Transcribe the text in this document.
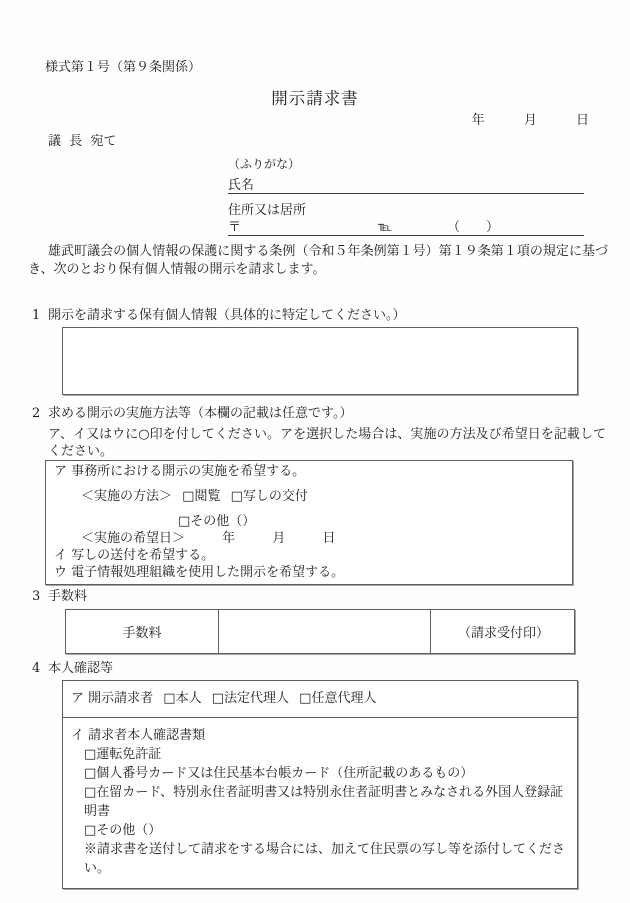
様式第１号（第９条関係）
開示請求書
年	月	日
議  長  宛て
（ふりがな）
氏名
住所又は居所
〒	℡	（　　）

雄武町議会の個人情報の保護に関する条例（令和５年条例第１号）第１９条第１項の規定に基づき、次のとおり保有個人情報の開示を請求します。

1 開示を請求する保有個人情報（具体的に特定してください。）
2 求める開示の実施方法等（本欄の記載は任意です。）

ア、イ又はウに○印を付してください。アを選択した場合は、実施の方法及び希望日を記載してください。

ア 事務所における開示の実施を希望する。
＜実施の方法＞ □閲覧 □写しの交付
□その他（）
＜実施の希望日＞	年	月	日
イ 写しの送付を希望する。
ウ 電子情報処理組織を使用した開示を希望する。
3 手数料
手数料	（請求受付印）
4 本人確認等
ア 開示請求者 □本人 □法定代理人 □任意代理人
イ 請求者本人確認書類
□運転免許証
□個人番号カード又は住民基本台帳カード（住所記載のあるもの）
□在留カード、特別永住者証明書又は特別永住者証明書とみなされる外国人登録証明書
□その他（）
※請求書を送付して請求をする場合には、加えて住民票の写し等を添付してください。
